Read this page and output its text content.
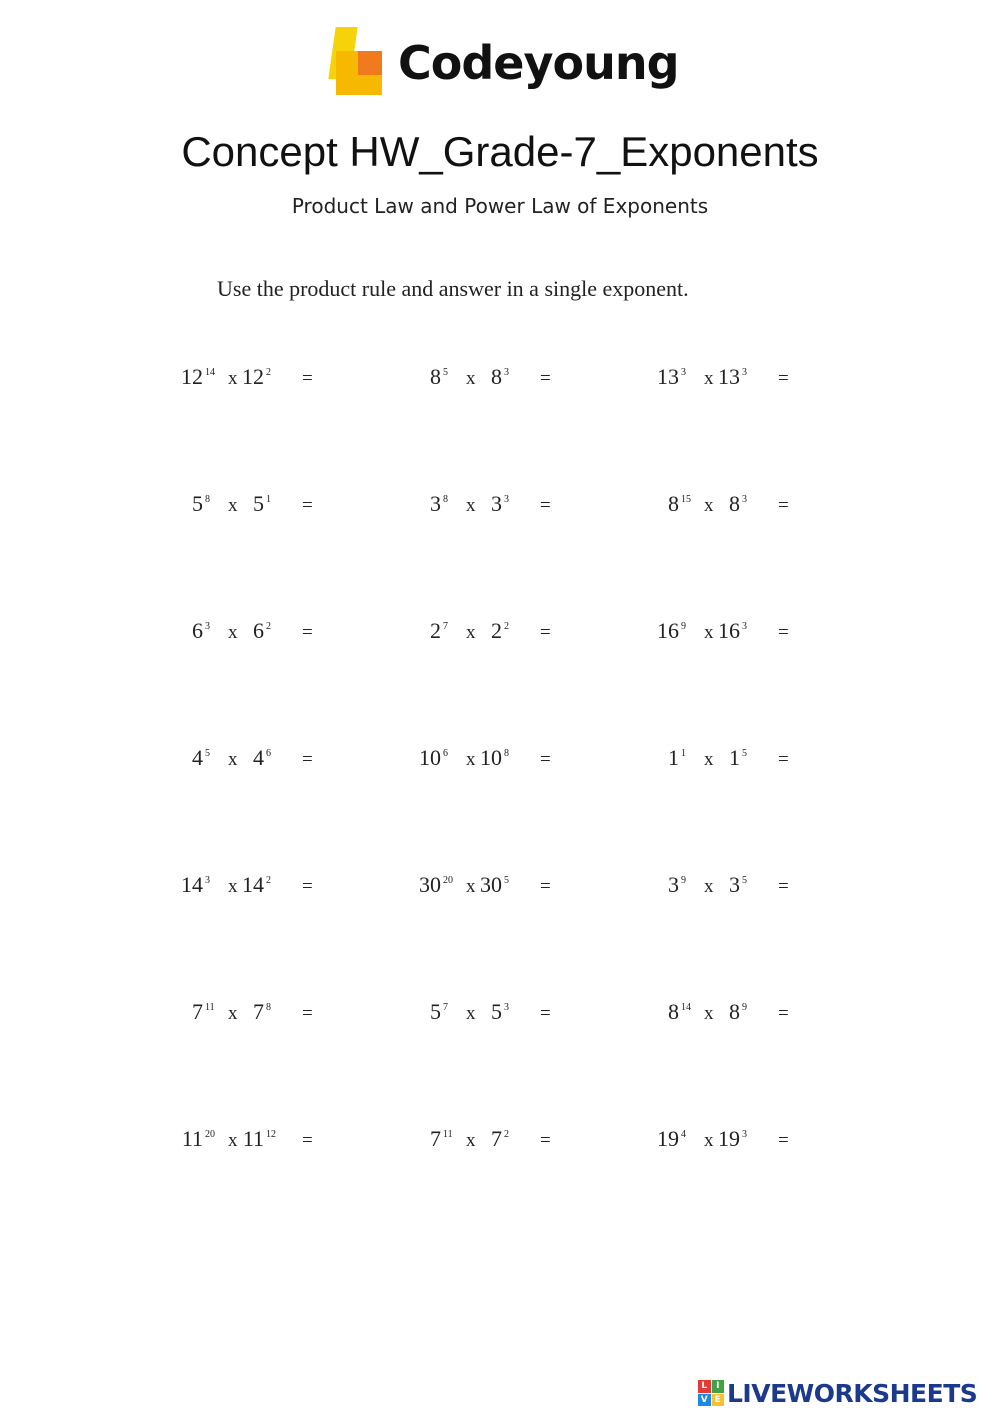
Codeyoung
Concept HW_Grade-7_Exponents
Product Law and Power Law of Exponents
Use the product rule and answer in a single exponent.
12 14 x 12 2 =	8 5 x 8 3 =	13 3 x 13 3 =
5 8 x 5 1 =	3 8 x 3 3 =	8 15 x 8 3 =
6 3 x 6 2 =	2 7 x 2 2 =	16 9 x 16 3 =
4 5 x 4 6 =	10 6 x 10 8 =	1 1 x 1 5 =
14 3 x 14 2 =	30 20 x 30 5 =	3 9 x 3 5 =
7 11 x 7 8 =	5 7 x 5 3 =	8 14 x 8 9 =
11 20 x 11 12 =	7 11 x 7 2 =	19 4 x 19 3 =
L I
V E LIVEWORKSHEETS
